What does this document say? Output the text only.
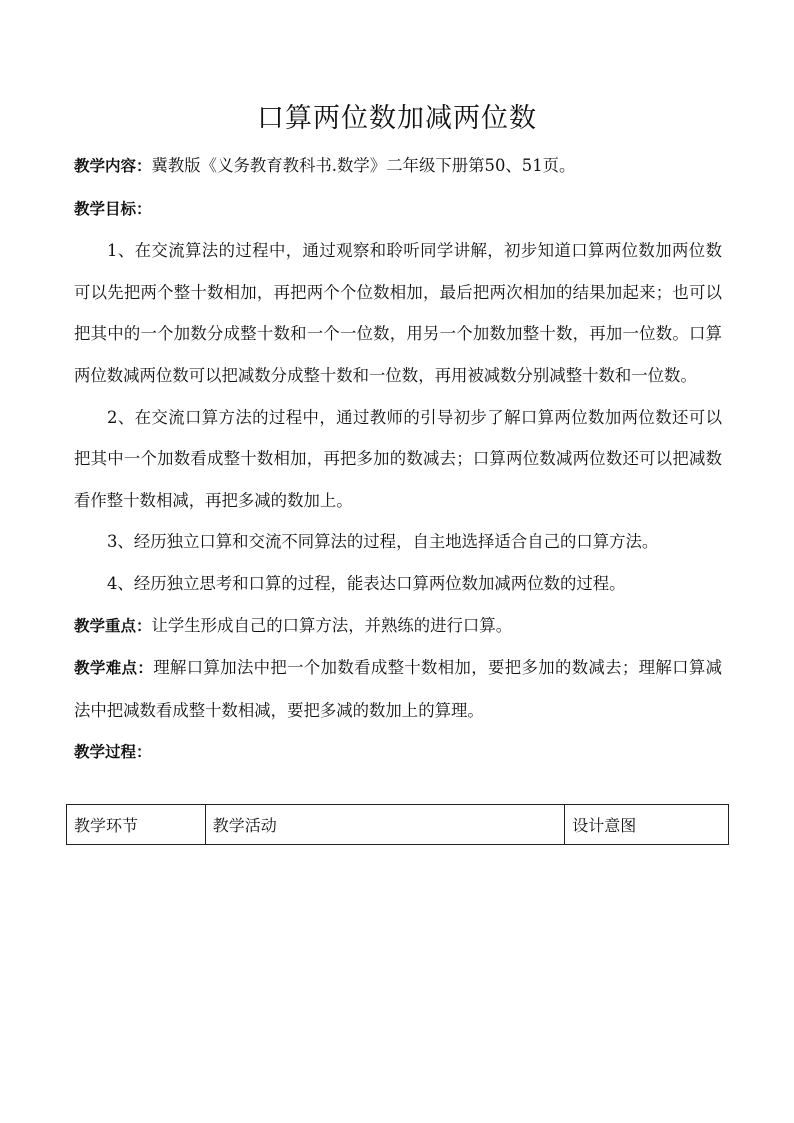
口算两位数加减两位数

教学内容：冀教版《义务教育教科书.数学》二年级下册第50、51页。

教学目标：

1、在交流算法的过程中，通过观察和聆听同学讲解，初步知道口算两位数加两位数可以先把两个整十数相加，再把两个个位数相加，最后把两次相加的结果加起来；也可以把其中的一个加数分成整十数和一个一位数，用另一个加数加整十数，再加一位数。口算两位数减两位数可以把减数分成整十数和一位数，再用被减数分别减整十数和一位数。

2、在交流口算方法的过程中，通过教师的引导初步了解口算两位数加两位数还可以把其中一个加数看成整十数相加，再把多加的数减去；口算两位数减两位数还可以把减数看作整十数相减，再把多减的数加上。

3、经历独立口算和交流不同算法的过程，自主地选择适合自己的口算方法。

4、经历独立思考和口算的过程，能表达口算两位数加减两位数的过程。

教学重点：让学生形成自己的口算方法，并熟练的进行口算。

教学难点：理解口算加法中把一个加数看成整十数相加，要把多加的数减去；理解口算减法中把减数看成整十数相减，要把多减的数加上的算理。

教学过程：

教学环节	教学活动	设计意图
